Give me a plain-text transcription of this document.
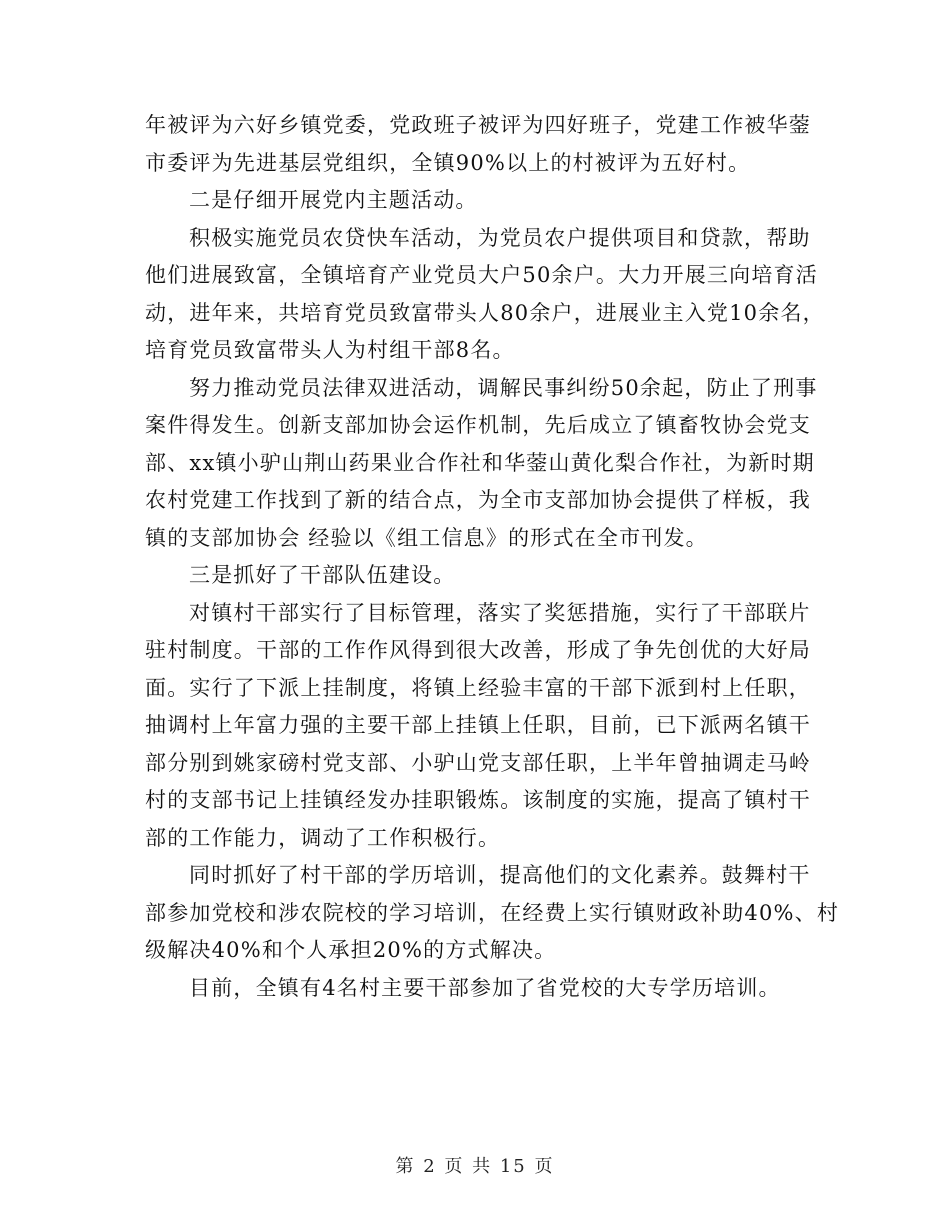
年被评为六好乡镇党委，党政班子被评为四好班子，党建工作被华蓥
市委评为先进基层党组织，全镇90%以上的村被评为五好村。

二是仔细开展党内主题活动。

积极实施党员农贷快车活动，为党员农户提供项目和贷款，帮助
他们进展致富，全镇培育产业党员大户50余户。大力开展三向培育活
动，进年来，共培育党员致富带头人80余户，进展业主入党10余名，
培育党员致富带头人为村组干部8名。

努力推动党员法律双进活动，调解民事纠纷50余起，防止了刑事
案件得发生。创新支部加协会运作机制，先后成立了镇畜牧协会党支
部、xx镇小驴山荆山药果业合作社和华蓥山黄化梨合作社，为新时期
农村党建工作找到了新的结合点，为全市支部加协会提供了样板，我
镇的支部加协会 经验以《组工信息》的形式在全市刊发。

三是抓好了干部队伍建设。

对镇村干部实行了目标管理，落实了奖惩措施，实行了干部联片
驻村制度。干部的工作作风得到很大改善，形成了争先创优的大好局
面。实行了下派上挂制度，将镇上经验丰富的干部下派到村上任职，
抽调村上年富力强的主要干部上挂镇上任职，目前，已下派两名镇干
部分别到姚家磅村党支部、小驴山党支部任职，上半年曾抽调走马岭
村的支部书记上挂镇经发办挂职锻炼。该制度的实施，提高了镇村干
部的工作能力，调动了工作积极行。

同时抓好了村干部的学历培训，提高他们的文化素养。鼓舞村干
部参加党校和涉农院校的学习培训，在经费上实行镇财政补助40%、村
级解决40%和个人承担20%的方式解决。

目前，全镇有4名村主要干部参加了省党校的大专学历培训。

第 2 页 共 15 页
